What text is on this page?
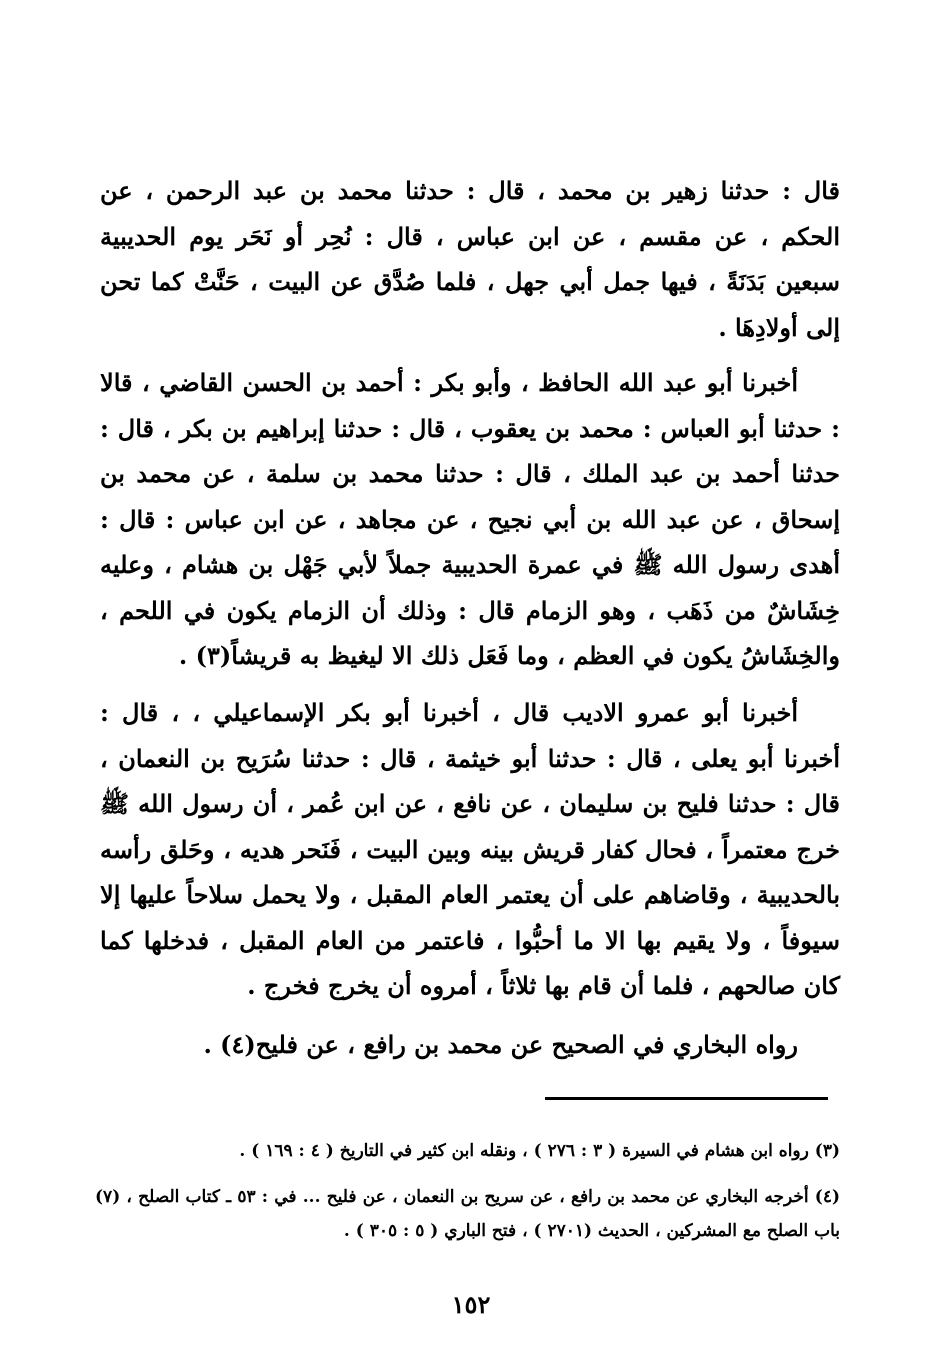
قال : حدثنا زهير بن محمد ، قال : حدثنا محمد بن عبد الرحمن ، عن الحكم ، عن مقسم ، عن ابن عباس ، قال : نُحِر أو نَحَر يوم الحديبية سبعين بَدَنَةً ، فيها جمل أبي جهل ، فلما صُدَّق عن البيت ، حَنَّتْ كما تحن إلى أولادِهَا .

أخبرنا أبو عبد الله الحافظ ، وأبو بكر : أحمد بن الحسن القاضي ، قالا : حدثنا أبو العباس : محمد بن يعقوب ، قال : حدثنا إبراهيم بن بكر ، قال : حدثنا أحمد بن عبد الملك ، قال : حدثنا محمد بن سلمة ، عن محمد بن إسحاق ، عن عبد الله بن أبي نجيح ، عن مجاهد ، عن ابن عباس : قال : أهدى رسول الله ﷺ في عمرة الحديبية جملاً لأبي جَهْل بن هشام ، وعليه خِشَاشٌ من ذَهَب ، وهو الزمام قال : وذلك أن الزمام يكون في اللحم ، والخِشَاشُ يكون في العظم ، وما فَعَل ذلك الا ليغيظ به قريشاً(٣) .

أخبرنا أبو عمرو الاديب قال ، أخبرنا أبو بكر الإسماعيلي ، ، قال : أخبرنا أبو يعلى ، قال : حدثنا أبو خيثمة ، قال : حدثنا سُرَيح بن النعمان ، قال : حدثنا فليح بن سليمان ، عن نافع ، عن ابن عُمر ، أن رسول الله ﷺ خرج معتمراً ، فحال كفار قريش بينه وبين البيت ، فَنَحر هديه ، وحَلق رأسه بالحديبية ، وقاضاهم على أن يعتمر العام المقبل ، ولا يحمل سلاحاً عليها إلا سيوفاً ، ولا يقيم بها الا ما أحبُّوا ، فاعتمر من العام المقبل ، فدخلها كما كان صالحهم ، فلما أن قام بها ثلاثاً ، أمروه أن يخرج فخرج .

رواه البخاري في الصحيح عن محمد بن رافع ، عن فليح(٤) .

(٣) رواه ابن هشام في السيرة ( ٣ : ٢٧٦ ) ، ونقله ابن كثير في التاريخ ( ٤ : ١٦٩ ) .

(٤) أخرجه البخاري عن محمد بن رافع ، عن سريح بن النعمان ، عن فليح ... في : ٥٣ ـ كتاب الصلح ، (٧) باب الصلح مع المشركين ، الحديث (٢٧٠١ ) ، فتح الباري ( ٥ : ٣٠٥ ) .

١٥٢
